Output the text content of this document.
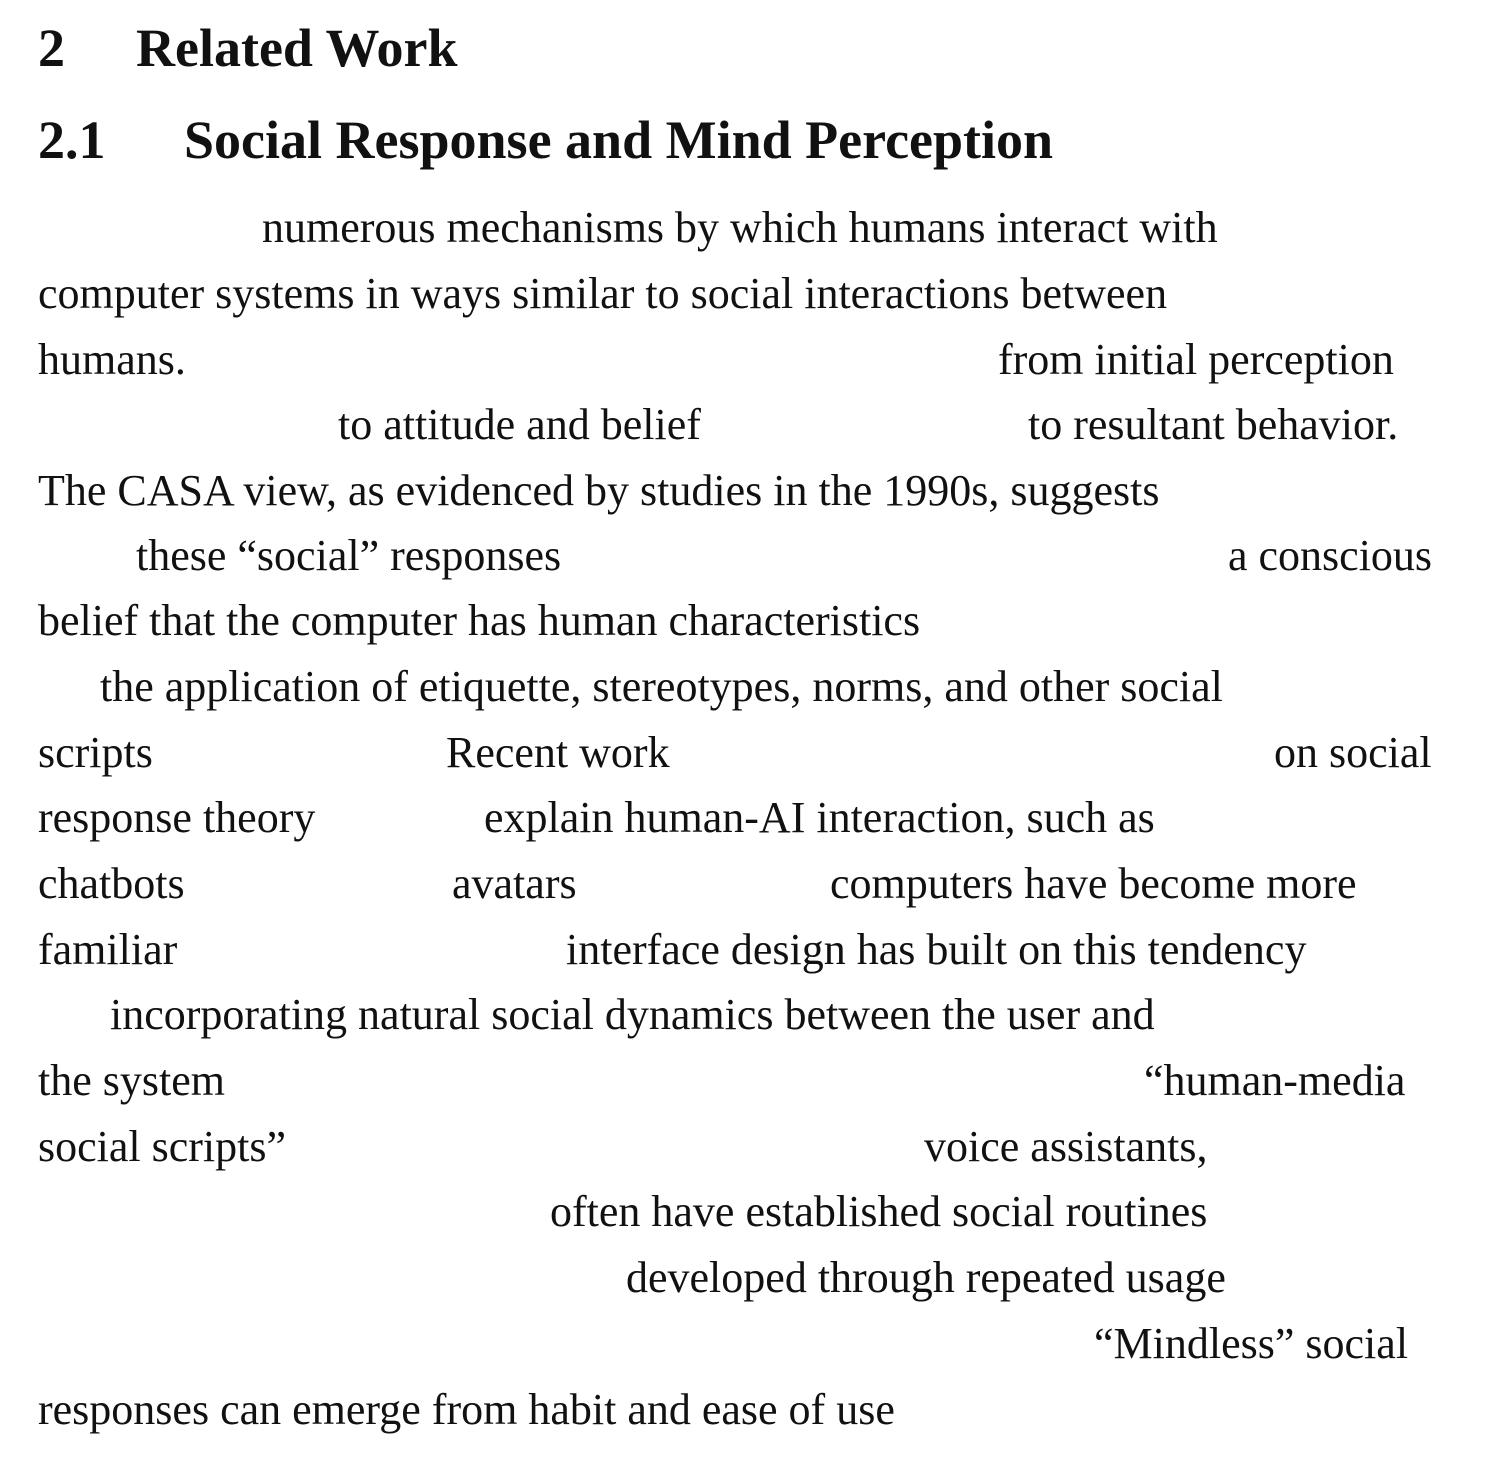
2 Related Work
2.1 Social Response and Mind Perception
numerous mechanisms by which humans interact with
computer systems in ways similar to social interactions between
humans.	from initial perception
to attitude and belief	to resultant behavior.
The CASA view, as evidenced by studies in the 1990s, suggests
these “social” responses	a conscious
belief that the computer has human characteristics
the application of etiquette, stereotypes, norms, and other social
scripts	Recent work	on social
response theory	explain human-AI interaction, such as
chatbots	avatars	computers have become more
familiar	interface design has built on this tendency
incorporating natural social dynamics between the user and
the system	“human-media
social scripts”	voice assistants,
often have established social routines
developed through repeated usage
“Mindless” social
responses can emerge from habit and ease of use
